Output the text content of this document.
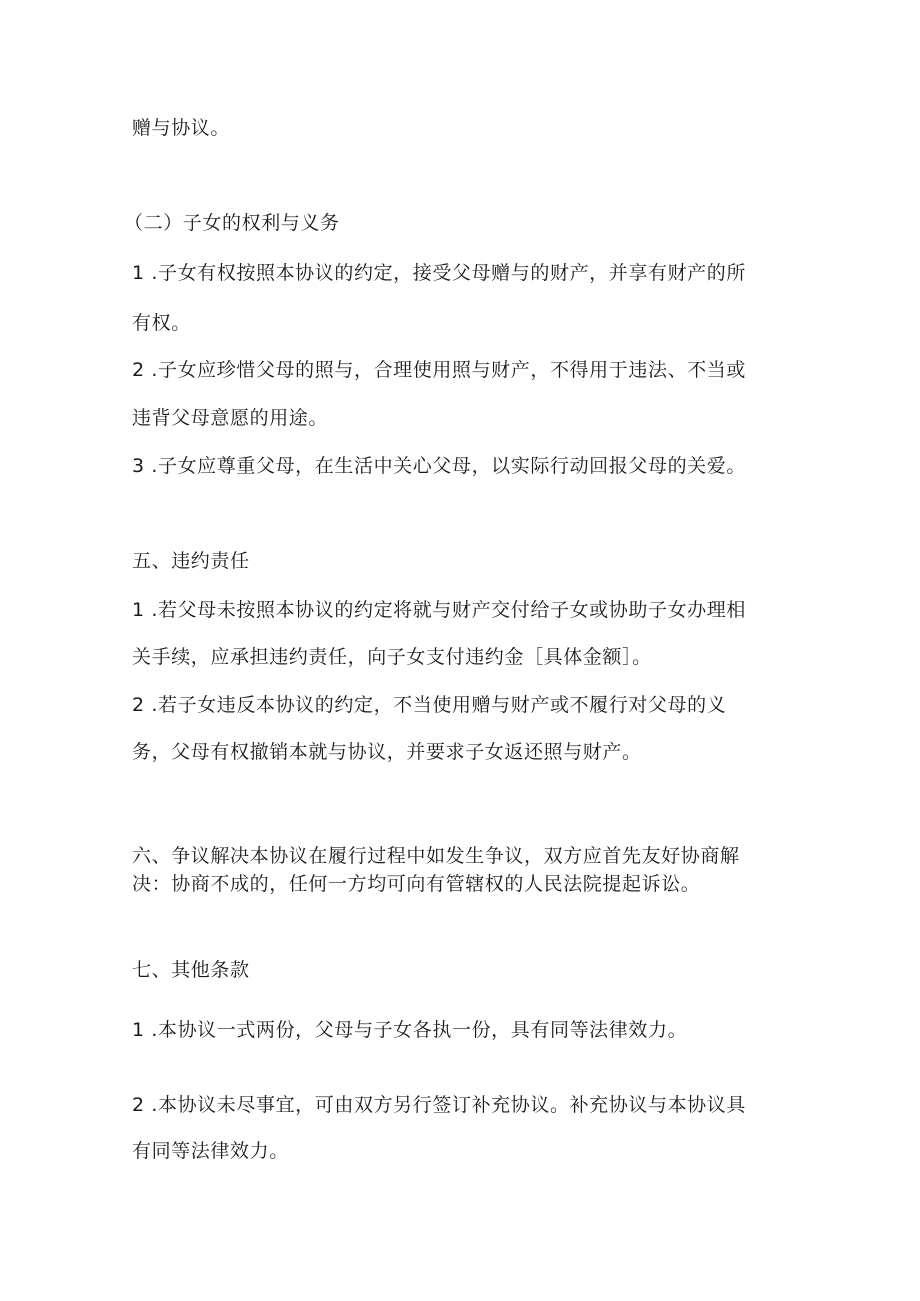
赠与协议。
（二）子女的权利与义务
1 .子女有权按照本协议的约定，接受父母赠与的财产，并享有财产的所
有权。
2 .子女应珍惜父母的照与，合理使用照与财产，不得用于违法、不当或
违背父母意愿的用途。
3 .子女应尊重父母，在生活中关心父母，以实际行动回报父母的关爱。
五、违约责任
1 .若父母未按照本协议的约定将就与财产交付给子女或协助子女办理相
关手续，应承担违约责任，向子女支付违约金［具体金额］。
2 .若子女违反本协议的约定，不当使用赠与财产或不履行对父母的义
务，父母有权撤销本就与协议，并要求子女返还照与财产。
六、争议解决本协议在履行过程中如发生争议，双方应首先友好协商解
决：协商不成的，任何一方均可向有管辖权的人民法院提起诉讼。
七、其他条款
1 .本协议一式两份，父母与子女各执一份，具有同等法律效力。
2 .本协议未尽事宜，可由双方另行签订补充协议。补充协议与本协议具
有同等法律效力。
